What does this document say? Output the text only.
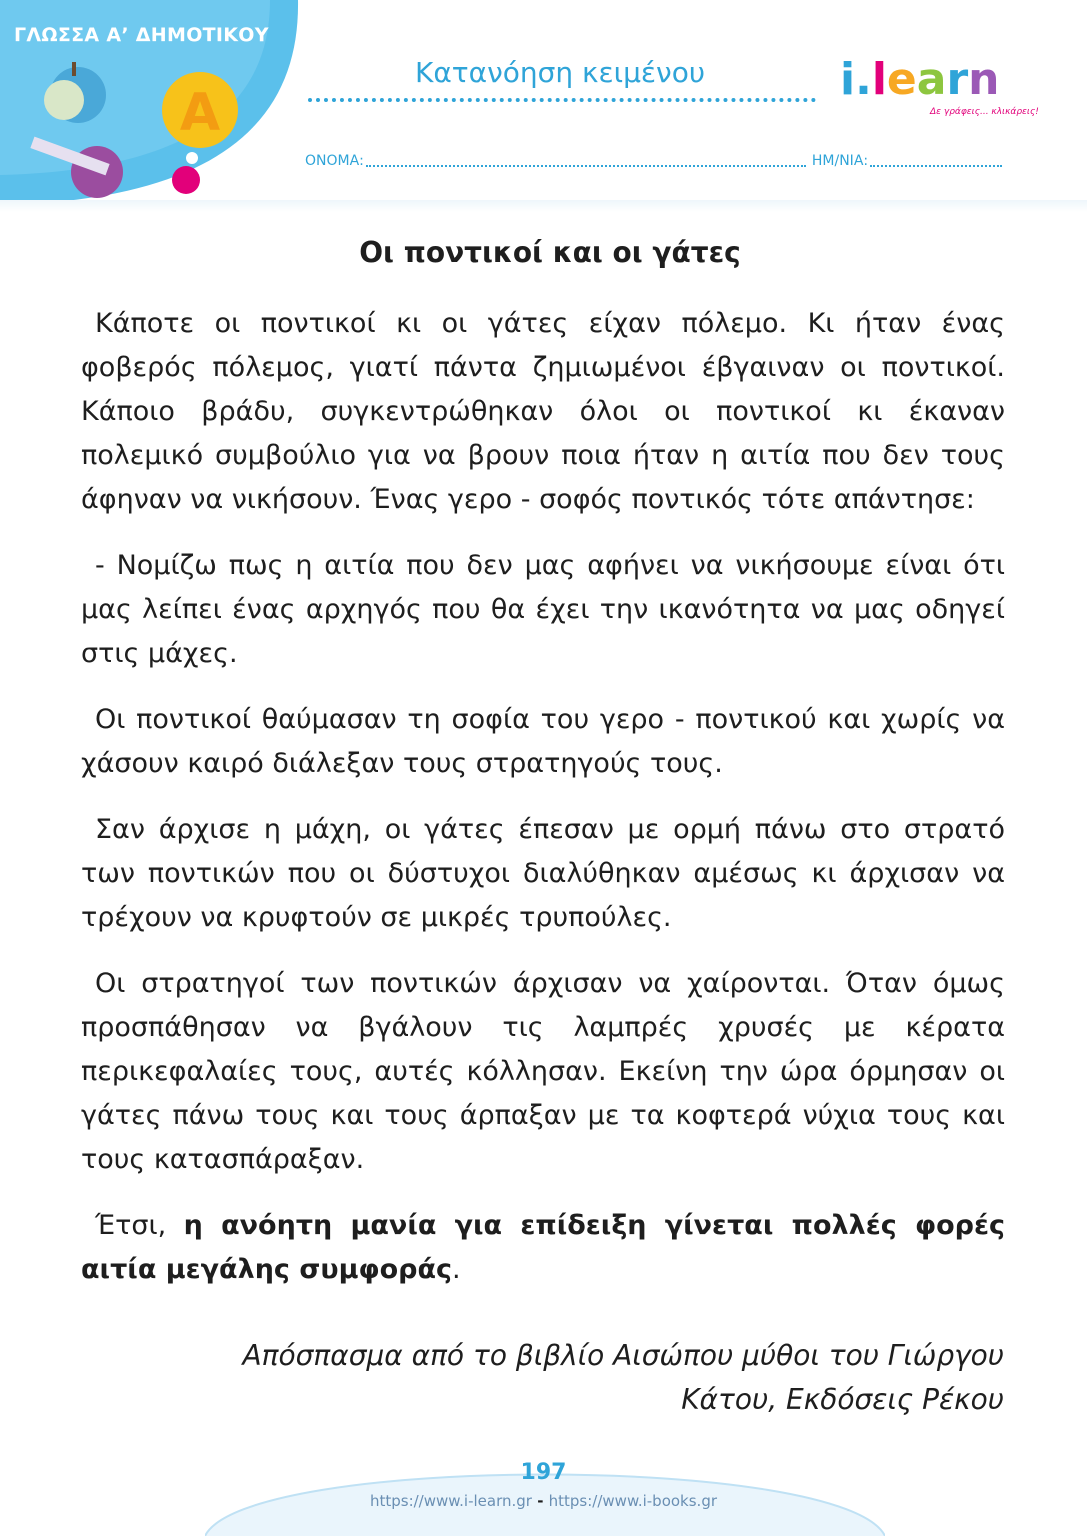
A
ΓΛΩΣΣΑ Α’ ΔΗΜΟΤΙΚΟΥ
Κατανόηση κειμένου
ΟΝΟΜΑ:	ΗΜ/ΝΙΑ:
i.learn
Δε γράφεις... κλικάρεις!
Οι ποντικοί και οι γάτες

Κάποτε οι ποντικοί κι οι γάτες είχαν πόλεμο. Κι ήταν ένας φοβερός πόλεμος, γιατί πάντα ζημιωμένοι έβγαιναν οι ποντικοί. Κάποιο βράδυ, συγκεντρώθηκαν όλοι οι ποντικοί κι έκαναν πολεμικό συμβούλιο για να βρουν ποια ήταν η αιτία που δεν τους άφηναν να νικήσουν. Ένας γερο - σοφός ποντικός τότε απάντησε:

- Νομίζω πως η αιτία που δεν μας αφήνει να νικήσουμε είναι ότι μας λείπει ένας αρχηγός που θα έχει την ικανότητα να μας οδηγεί στις μάχες.

Οι ποντικοί θαύμασαν τη σοφία του γερο - ποντικού και χωρίς να χάσουν καιρό διάλεξαν τους στρατηγούς τους.

Σαν άρχισε η μάχη, οι γάτες έπεσαν με ορμή πάνω στο στρατό των ποντικών που οι δύστυχοι διαλύθηκαν αμέσως κι άρχισαν να τρέχουν να κρυφτούν σε μικρές τρυπούλες.

Οι στρατηγοί των ποντικών άρχισαν να χαίρονται. Όταν όμως προσπάθησαν να βγάλουν τις λαμπρές χρυσές με κέρατα περικεφαλαίες τους, αυτές κόλλησαν. Εκείνη την ώρα όρμησαν οι γάτες πάνω τους και τους άρπαξαν με τα κοφτερά νύχια τους και τους κατασπάραξαν.

Έτσι, η ανόητη μανία για επίδειξη γίνεται πολλές φορές αιτία μεγάλης συμφοράς.

Απόσπασμα από το βιβλίο Αισώπου μύθοι του Γιώργου
Κάτου, Εκδόσεις Ρέκου
197
https://www.i-learn.gr - https://www.i-books.gr
